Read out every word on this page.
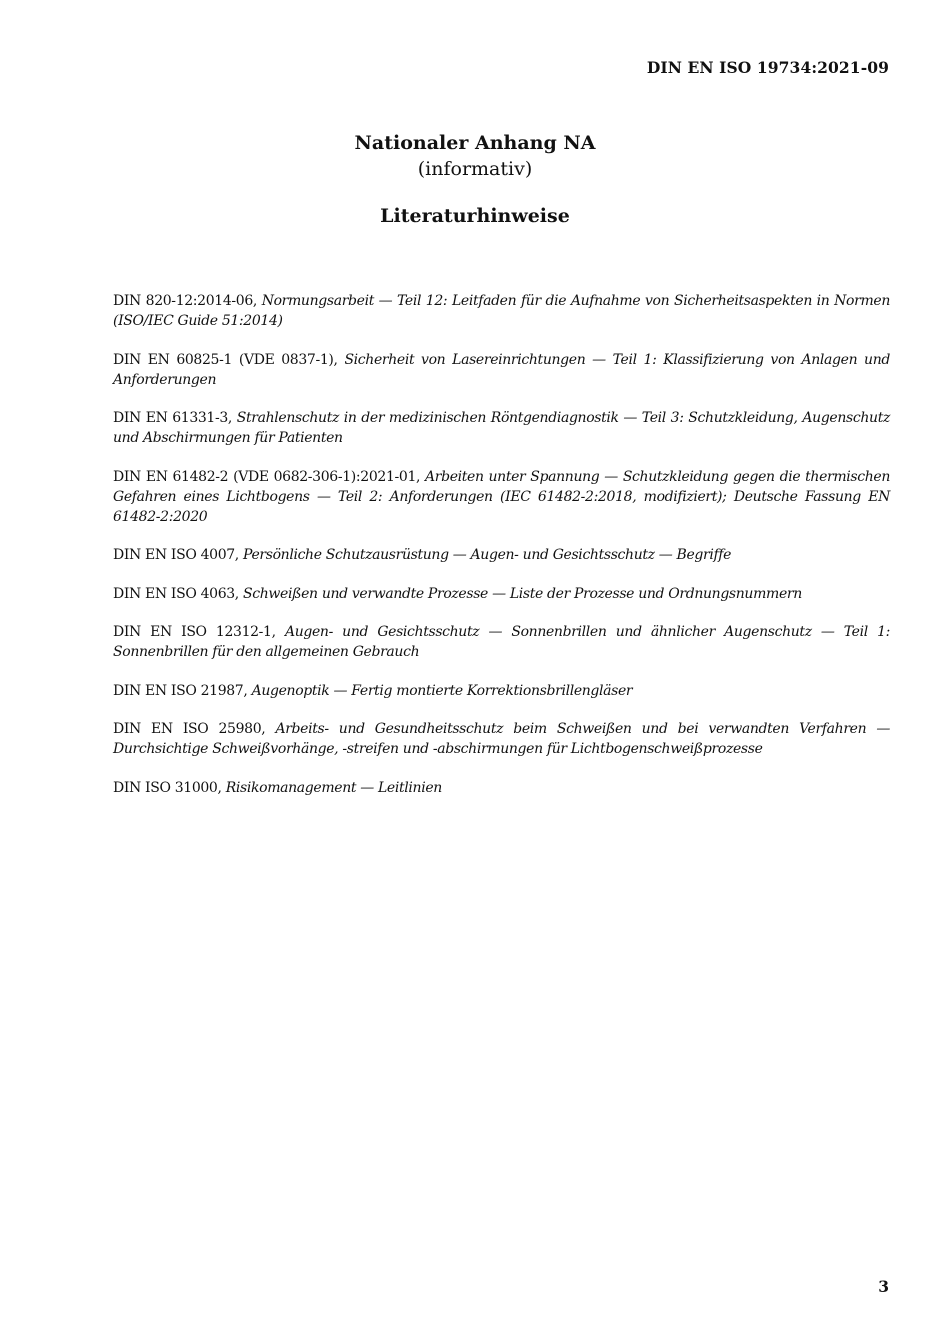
DIN EN ISO 19734:2021-09
Nationaler Anhang NA
(informativ)
Literaturhinweise
DIN 820-12:2014-06, Normungsarbeit — Teil 12: Leitfaden für die Aufnahme von Sicherheitsaspekten in Normen (ISO/IEC Guide 51:2014)
DIN EN 60825-1 (VDE 0837-1), Sicherheit von Lasereinrichtungen — Teil 1: Klassifizierung von Anlagen und Anforderungen
DIN EN 61331-3, Strahlenschutz in der medizinischen Röntgendiagnostik — Teil 3: Schutzkleidung, Augenschutz und Abschirmungen für Patienten
DIN EN 61482-2 (VDE 0682-306-1):2021-01, Arbeiten unter Spannung — Schutzkleidung gegen die thermischen Gefahren eines Lichtbogens — Teil 2: Anforderungen (IEC 61482-2:2018, modifiziert); Deutsche Fassung EN 61482-2:2020
DIN EN ISO 4007, Persönliche Schutzausrüstung — Augen- und Gesichtsschutz — Begriffe
DIN EN ISO 4063, Schweißen und verwandte Prozesse — Liste der Prozesse und Ordnungsnummern
DIN EN ISO 12312-1, Augen- und Gesichtsschutz — Sonnenbrillen und ähnlicher Augenschutz — Teil 1: Sonnenbrillen für den allgemeinen Gebrauch
DIN EN ISO 21987, Augenoptik — Fertig montierte Korrektionsbrillengläser
DIN EN ISO 25980, Arbeits- und Gesundheitsschutz beim Schweißen und bei verwandten Verfahren — Durchsichtige Schweißvorhänge, -streifen und -abschirmungen für Lichtbogenschweißprozesse
DIN ISO 31000, Risikomanagement — Leitlinien
3
